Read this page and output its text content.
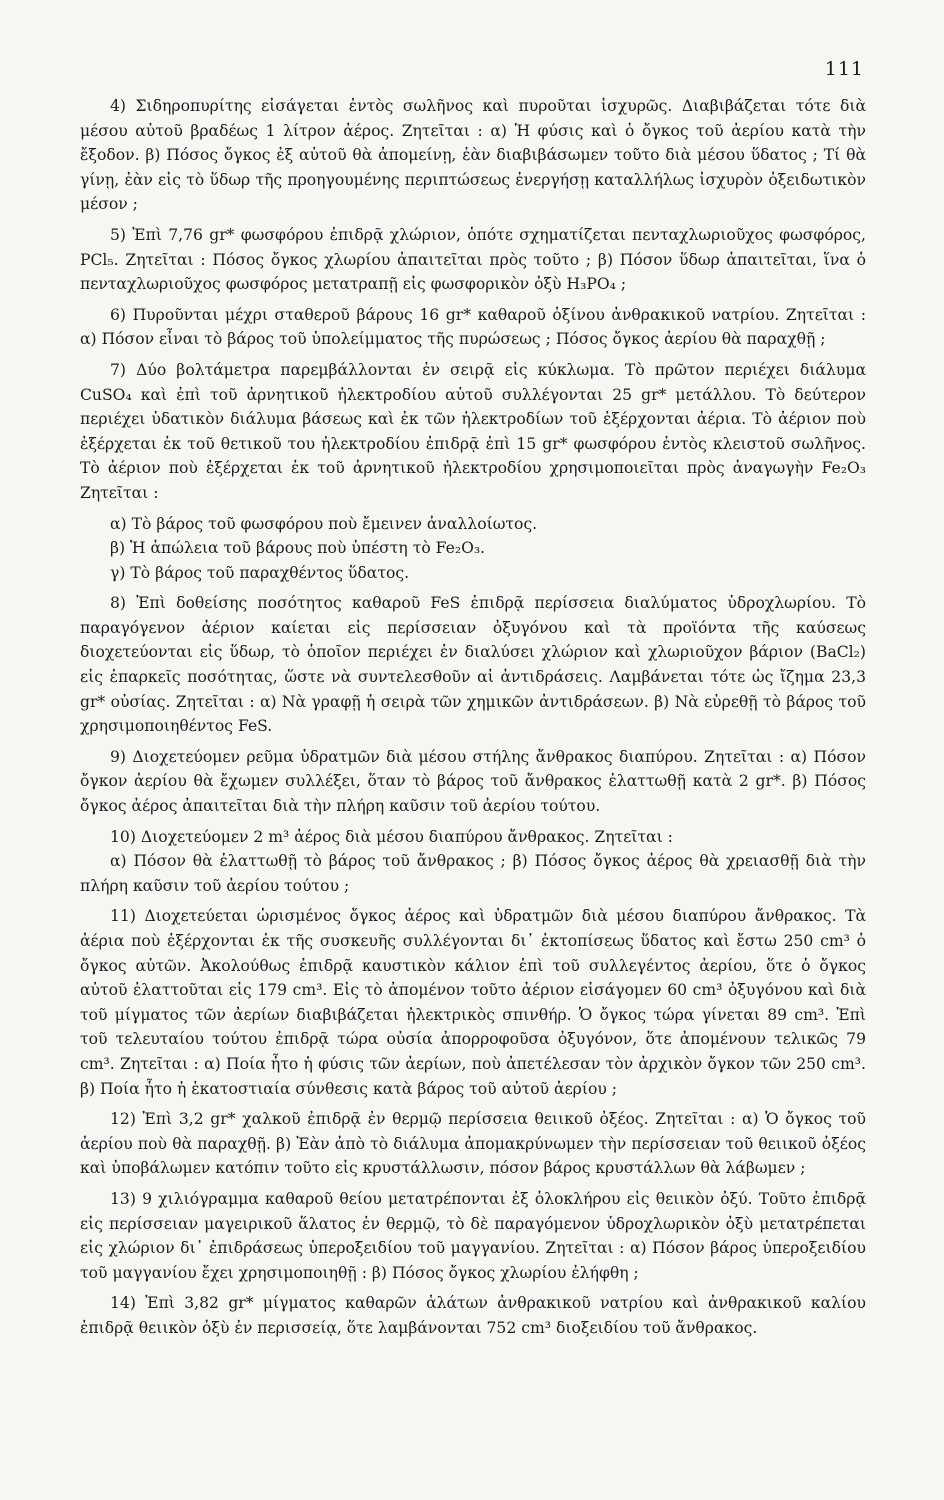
111

4) Σιδηροπυρίτης εἰσάγεται ἐντὸς σωλῆνος καὶ πυροῦται ἰσχυρῶς. Διαβιβάζεται τότε διὰ μέσου αὐτοῦ βραδέως 1 λίτρον ἀέρος. Ζητεῖται : α) Ἡ φύσις καὶ ὁ ὄγκος τοῦ ἀερίου κατὰ τὴν ἔξοδον. β) Πόσος ὄγκος ἐξ αὐτοῦ θὰ ἀπομείνῃ, ἐὰν διαβιβάσωμεν τοῦτο διὰ μέσου ὕδατος ; Τί θὰ γίνῃ, ἐὰν εἰς τὸ ὕδωρ τῆς προηγουμένης περιπτώσεως ἐνεργήσῃ καταλλήλως ἰσχυρὸν ὀξειδωτικὸν μέσον ;

5) Ἐπὶ 7,76 gr* φωσφόρου ἐπιδρᾷ χλώριον, ὁπότε σχηματίζεται πενταχλωριοῦχος φωσφόρος, PCl₅. Ζητεῖται : Πόσος ὄγκος χλωρίου ἀπαιτεῖται πρὸς τοῦτο ; β) Πόσον ὕδωρ ἀπαιτεῖται, ἵνα ὁ πενταχλωριοῦχος φωσφόρος μετατραπῇ εἰς φωσφορικὸν ὀξὺ H₃PO₄ ;

6) Πυροῦνται μέχρι σταθεροῦ βάρους 16 gr* καθαροῦ ὀξίνου ἀνθρακικοῦ νατρίου. Ζητεῖται : α) Πόσον εἶναι τὸ βάρος τοῦ ὑπολείμματος τῆς πυρώσεως ; Πόσος ὄγκος ἀερίου θὰ παραχθῇ ;

7) Δύο βολτάμετρα παρεμβάλλονται ἐν σειρᾷ εἰς κύκλωμα. Τὸ πρῶτον περιέχει διάλυμα CuSO₄ καὶ ἐπὶ τοῦ ἀρνητικοῦ ἠλεκτροδίου αὐτοῦ συλλέγονται 25 gr* μετάλλου. Τὸ δεύτερον περιέχει ὑδατικὸν διάλυμα βάσεως καὶ ἐκ τῶν ἠλεκτροδίων τοῦ ἐξέρχονται ἀέρια. Τὸ ἀέριον ποὺ ἐξέρχεται ἐκ τοῦ θετικοῦ του ἠλεκτροδίου ἐπιδρᾷ ἐπὶ 15 gr* φωσφόρου ἐντὸς κλειστοῦ σωλῆνος. Τὸ ἀέριον ποὺ ἐξέρχεται ἐκ τοῦ ἀρνητικοῦ ἠλεκτροδίου χρησιμοποιεῖται πρὸς ἀναγωγὴν Fe₂O₃ Ζητεῖται :

α) Τὸ βάρος τοῦ φωσφόρου ποὺ ἔμεινεν ἀναλλοίωτος.

β) Ἡ ἀπώλεια τοῦ βάρους ποὺ ὑπέστη τὸ Fe₂O₃.

γ) Τὸ βάρος τοῦ παραχθέντος ὕδατος.

8) Ἐπὶ δοθείσης ποσότητος καθαροῦ FeS ἐπιδρᾷ περίσσεια διαλύματος ὑδροχλωρίου. Τὸ παραγόγενον ἀέριον καίεται εἰς περίσσειαν ὀξυγόνου καὶ τὰ προϊόντα τῆς καύσεως διοχετεύονται εἰς ὕδωρ, τὸ ὁποῖον περιέχει ἐν διαλύσει χλώριον καὶ χλωριοῦχον βάριον (BaCl₂) εἰς ἐπαρκεῖς ποσότητας, ὥστε νὰ συντελεσθοῦν αἱ ἀντιδράσεις. Λαμβάνεται τότε ὡς ἴζημα 23,3 gr* οὐσίας. Ζητεῖται : α) Νὰ γραφῇ ἡ σειρὰ τῶν χημικῶν ἀντιδράσεων. β) Νὰ εὑρεθῇ τὸ βάρος τοῦ χρησιμοποιηθέντος FeS.

9) Διοχετεύομεν ρεῦμα ὑδρατμῶν διὰ μέσου στήλης ἄνθρακος διαπύρου. Ζητεῖται : α) Πόσον ὄγκον ἀερίου θὰ ἔχωμεν συλλέξει, ὅταν τὸ βάρος τοῦ ἄνθρακος ἐλαττωθῇ κατὰ 2 gr*. β) Πόσος ὄγκος ἀέρος ἀπαιτεῖται διὰ τὴν πλήρη καῦσιν τοῦ ἀερίου τούτου.

10) Διοχετεύομεν 2 m³ ἀέρος διὰ μέσου διαπύρου ἄνθρακος. Ζητεῖται :

α) Πόσον θὰ ἐλαττωθῇ τὸ βάρος τοῦ ἄνθρακος ; β) Πόσος ὄγκος ἀέρος θὰ χρειασθῇ διὰ τὴν πλήρη καῦσιν τοῦ ἀερίου τούτου ;

11) Διοχετεύεται ὡρισμένος ὄγκος ἀέρος καὶ ὑδρατμῶν διὰ μέσου διαπύρου ἄνθρακος. Τὰ ἀέρια ποὺ ἐξέρχονται ἐκ τῆς συσκευῆς συλλέγονται δι᾽ ἐκτοπίσεως ὕδατος καὶ ἔστω 250 cm³ ὁ ὄγκος αὐτῶν. Ἀκολούθως ἐπιδρᾷ καυστικὸν κάλιον ἐπὶ τοῦ συλλεγέντος ἀερίου, ὅτε ὁ ὄγκος αὐτοῦ ἐλαττοῦται εἰς 179 cm³. Εἰς τὸ ἀπομένον τοῦτο ἀέριον εἰσάγομεν 60 cm³ ὀξυγόνου καὶ διὰ τοῦ μίγματος τῶν ἀερίων διαβιβάζεται ἠλεκτρικὸς σπινθήρ. Ὁ ὄγκος τώρα γίνεται 89 cm³. Ἐπὶ τοῦ τελευταίου τούτου ἐπιδρᾷ τώρα οὐσία ἀπορροφοῦσα ὀξυγόνον, ὅτε ἀπομένουν τελικῶς 79 cm³. Ζητεῖται : α) Ποία ἦτο ἡ φύσις τῶν ἀερίων, ποὺ ἀπετέλεσαν τὸν ἀρχικὸν ὄγκον τῶν 250 cm³. β) Ποία ἦτο ἡ ἑκατοστιαία σύνθεσις κατὰ βάρος τοῦ αὐτοῦ ἀερίου ;

12) Ἐπὶ 3,2 gr* χαλκοῦ ἐπιδρᾷ ἐν θερμῷ περίσσεια θειικοῦ ὀξέος. Ζητεῖται : α) Ὁ ὄγκος τοῦ ἀερίου ποὺ θὰ παραχθῇ. β) Ἐὰν ἀπὸ τὸ διάλυμα ἀπομακρύνωμεν τὴν περίσσειαν τοῦ θειικοῦ ὀξέος καὶ ὑποβάλωμεν κατόπιν τοῦτο εἰς κρυστάλλωσιν, πόσον βάρος κρυστάλλων θὰ λάβωμεν ;

13) 9 χιλιόγραμμα καθαροῦ θείου μετατρέπονται ἐξ ὁλοκλήρου εἰς θειικὸν ὀξύ. Τοῦτο ἐπιδρᾷ εἰς περίσσειαν μαγειρικοῦ ἅλατος ἐν θερμῷ, τὸ δὲ παραγόμενον ὑδροχλωρικὸν ὀξὺ μετατρέπεται εἰς χλώριον δι᾽ ἐπιδράσεως ὑπεροξειδίου τοῦ μαγγανίου. Ζητεῖται : α) Πόσον βάρος ὑπεροξειδίου τοῦ μαγγανίου ἔχει χρησιμοποιηθῇ : β) Πόσος ὄγκος χλωρίου ἐλήφθη ;

14) Ἐπὶ 3,82 gr* μίγματος καθαρῶν ἁλάτων ἀνθρακικοῦ νατρίου καὶ ἀνθρακικοῦ καλίου ἐπιδρᾷ θειικὸν ὀξὺ ἐν περισσείᾳ, ὅτε λαμβάνονται 752 cm³ διοξειδίου τοῦ ἄνθρακος.
